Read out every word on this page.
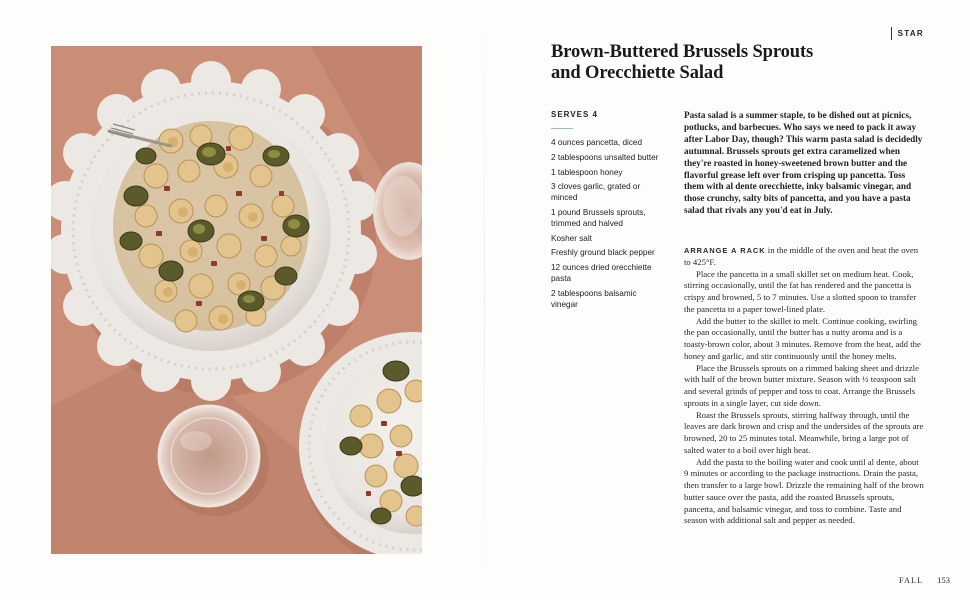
STAR
Brown-Buttered Brussels Sprouts
and Orecchiette Salad
SERVES 4
4 ounces pancetta, diced
2 tablespoons unsalted butter
1 tablespoon honey
3 cloves garlic, grated or minced
1 pound Brussels sprouts, trimmed and halved
Kosher salt
Freshly ground black pepper
12 ounces dried orecchiette pasta
2 tablespoons balsamic vinegar

Pasta salad is a summer staple, to be dished out at picnics, potlucks, and barbecues. Who says we need to pack it away after Labor Day, though? This warm pasta salad is decidedly autumnal. Brussels sprouts get extra caramelized when they're roasted in honey-sweetened brown butter and the flavorful grease left over from crisping up pancetta. Toss them with al dente orecchiette, inky balsamic vinegar, and those crunchy, salty bits of pancetta, and you have a pasta salad that rivals any you'd eat in July.

ARRANGE A RACK in the middle of the oven and heat the oven to 425°F.

Place the pancetta in a small skillet set on medium heat. Cook, stirring occasionally, until the fat has rendered and the pancetta is crispy and browned, 5 to 7 minutes. Use a slotted spoon to transfer the pancetta to a paper towel-lined plate.

Add the butter to the skillet to melt. Continue cooking, swirling the pan occasionally, until the butter has a nutty aroma and is a toasty-brown color, about 3 minutes. Remove from the heat, add the honey and garlic, and stir continuously until the honey melts.

Place the Brussels sprouts on a rimmed baking sheet and drizzle with half of the brown butter mixture. Season with ½ teaspoon salt and several grinds of pepper and toss to coat. Arrange the Brussels sprouts in a single layer, cut side down.

Roast the Brussels sprouts, stirring halfway through, until the leaves are dark brown and crisp and the undersides of the sprouts are browned, 20 to 25 minutes total. Meanwhile, bring a large pot of salted water to a boil over high heat.

Add the pasta to the boiling water and cook until al dente, about 9 minutes or according to the package instructions. Drain the pasta, then transfer to a large bowl. Drizzle the remaining half of the brown butter sauce over the pasta, add the roasted Brussels sprouts, pancetta, and balsamic vinegar, and toss to combine. Taste and season with additional salt and pepper as needed.

FALL 153
